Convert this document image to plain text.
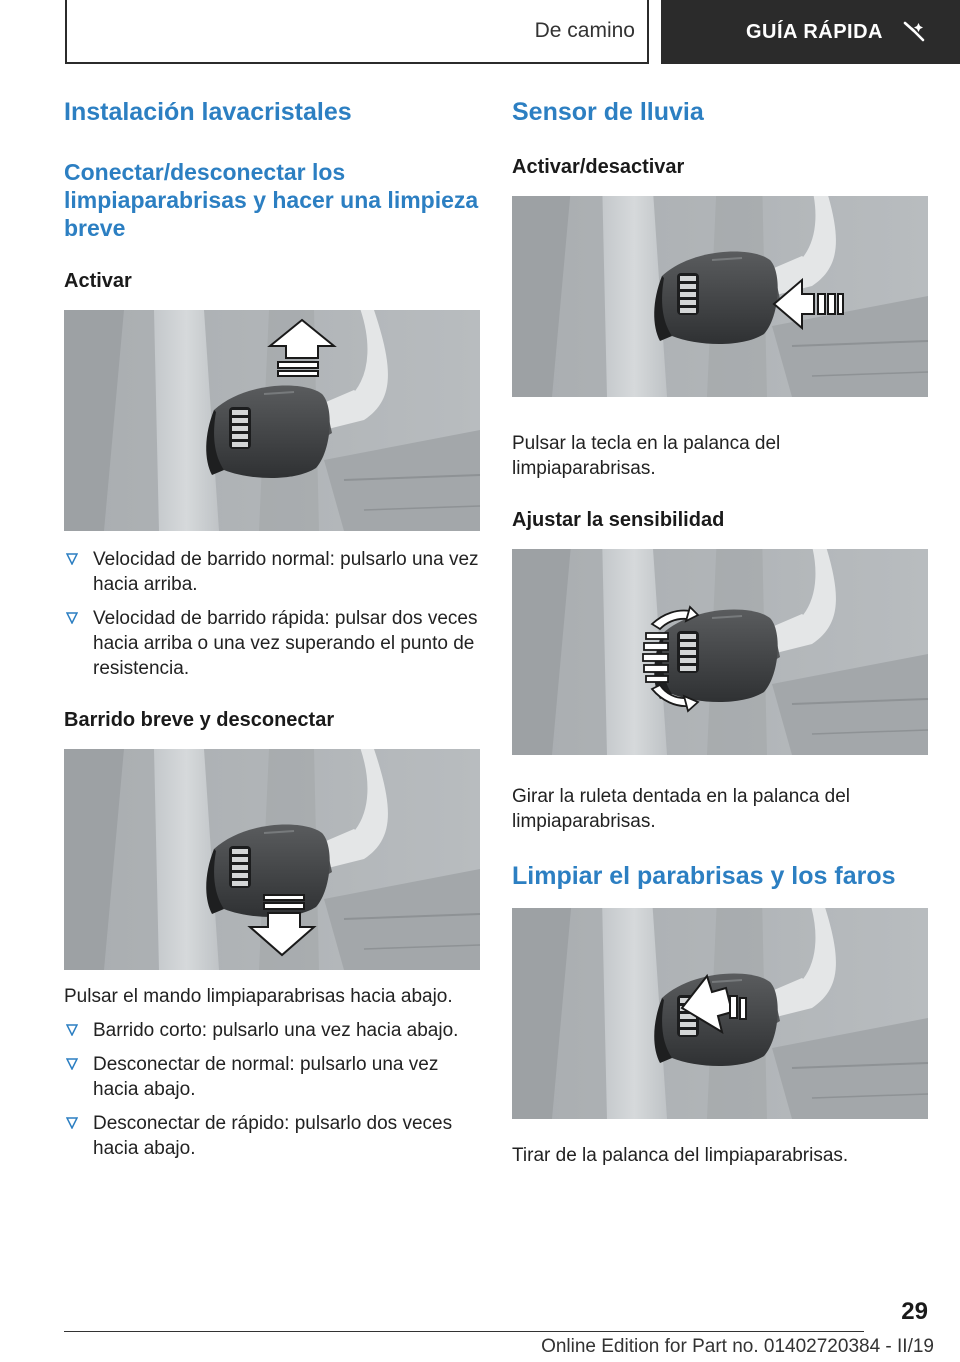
De camino	GUÍA RÁPIDA
Instalación lavacristales
Conectar/desconectar los limpiaparabrisas y hacer una limpieza breve
Activar
Velocidad de barrido normal: pulsarlo una vez hacia arriba.
Velocidad de barrido rápida: pulsar dos veces hacia arriba o una vez superando el punto de resistencia.
Barrido breve y desconectar

Pulsar el mando limpiaparabrisas hacia abajo.

Barrido corto: pulsarlo una vez hacia abajo.
Desconectar de normal: pulsarlo una vez hacia abajo.
Desconectar de rápido: pulsarlo dos veces hacia abajo.
Sensor de lluvia
Activar/desactivar

Pulsar la tecla en la palanca del limpiaparabrisas.

Ajustar la sensibilidad

Girar la ruleta dentada en la palanca del limpiaparabrisas.

Limpiar el parabrisas y los faros

Tirar de la palanca del limpiaparabrisas.

29
Online Edition for Part no. 01402720384 - II/19
